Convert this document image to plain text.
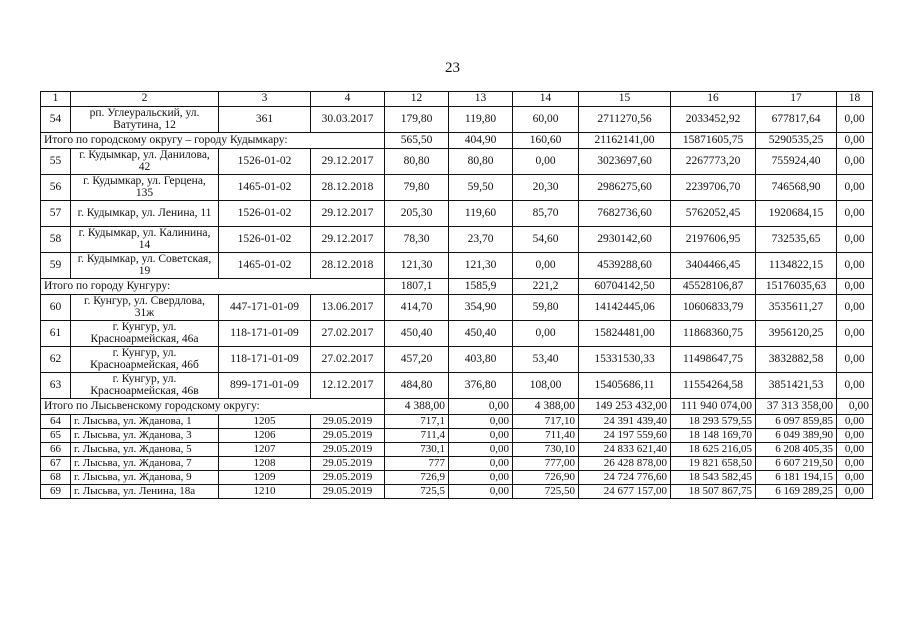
23
1	2	3	4	12	13	14	15	16	17	18
54	рп. Углеуральский, ул. Ватутина, 12	361	30.03.2017	179,80	119,80	60,00	2711270,56	2033452,92	677817,64	0,00
Итого по городскому округу – городу Кудымкару:				565,50	404,90	160,60	21162141,00	15871605,75	5290535,25	0,00
55	г. Кудымкар, ул. Данилова, 42	1526-01-02	29.12.2017	80,80	80,80	0,00	3023697,60	2267773,20	755924,40	0,00
56	г. Кудымкар, ул. Герцена, 135	1465-01-02	28.12.2018	79,80	59,50	20,30	2986275,60	2239706,70	746568,90	0,00
57	г. Кудымкар, ул. Ленина, 11	1526-01-02	29.12.2017	205,30	119,60	85,70	7682736,60	5762052,45	1920684,15	0,00
58	г. Кудымкар, ул. Калинина, 14	1526-01-02	29.12.2017	78,30	23,70	54,60	2930142,60	2197606,95	732535,65	0,00
59	г. Кудымкар, ул. Советская, 19	1465-01-02	28.12.2018	121,30	121,30	0,00	4539288,60	3404466,45	1134822,15	0,00
Итого по городу Кунгуру:				1807,1	1585,9	221,2	60704142,50	45528106,87	15176035,63	0,00
60	г. Кунгур, ул. Свердлова, 31ж	447-171-01-09	13.06.2017	414,70	354,90	59,80	14142445,06	10606833,79	3535611,27	0,00
61	г. Кунгур, ул. Красноармейская, 46а	118-171-01-09	27.02.2017	450,40	450,40	0,00	15824481,00	11868360,75	3956120,25	0,00
62	г. Кунгур, ул. Красноармейская, 46б	118-171-01-09	27.02.2017	457,20	403,80	53,40	15331530,33	11498647,75	3832882,58	0,00
63	г. Кунгур, ул. Красноармейская, 46в	899-171-01-09	12.12.2017	484,80	376,80	108,00	15405686,11	11554264,58	3851421,53	0,00
Итого по Лысьвенскому городскому округу:				4 388,00	0,00	4 388,00	149 253 432,00	111 940 074,00	37 313 358,00	0,00
64	г. Лысьва, ул. Жданова, 1	1205	29.05.2019	717,1	0,00	717,10	24 391 439,40	18 293 579,55	6 097 859,85	0,00
65	г. Лысьва, ул. Жданова, 3	1206	29.05.2019	711,4	0,00	711,40	24 197 559,60	18 148 169,70	6 049 389,90	0,00
66	г. Лысьва, ул. Жданова, 5	1207	29.05.2019	730,1	0,00	730,10	24 833 621,40	18 625 216,05	6 208 405,35	0,00
67	г. Лысьва, ул. Жданова, 7	1208	29.05.2019	777	0,00	777,00	26 428 878,00	19 821 658,50	6 607 219,50	0,00
68	г. Лысьва, ул. Жданова, 9	1209	29.05.2019	726,9	0,00	726,90	24 724 776,60	18 543 582,45	6 181 194,15	0,00
69	г. Лысьва, ул. Ленина, 18а	1210	29.05.2019	725,5	0,00	725,50	24 677 157,00	18 507 867,75	6 169 289,25	0,00
